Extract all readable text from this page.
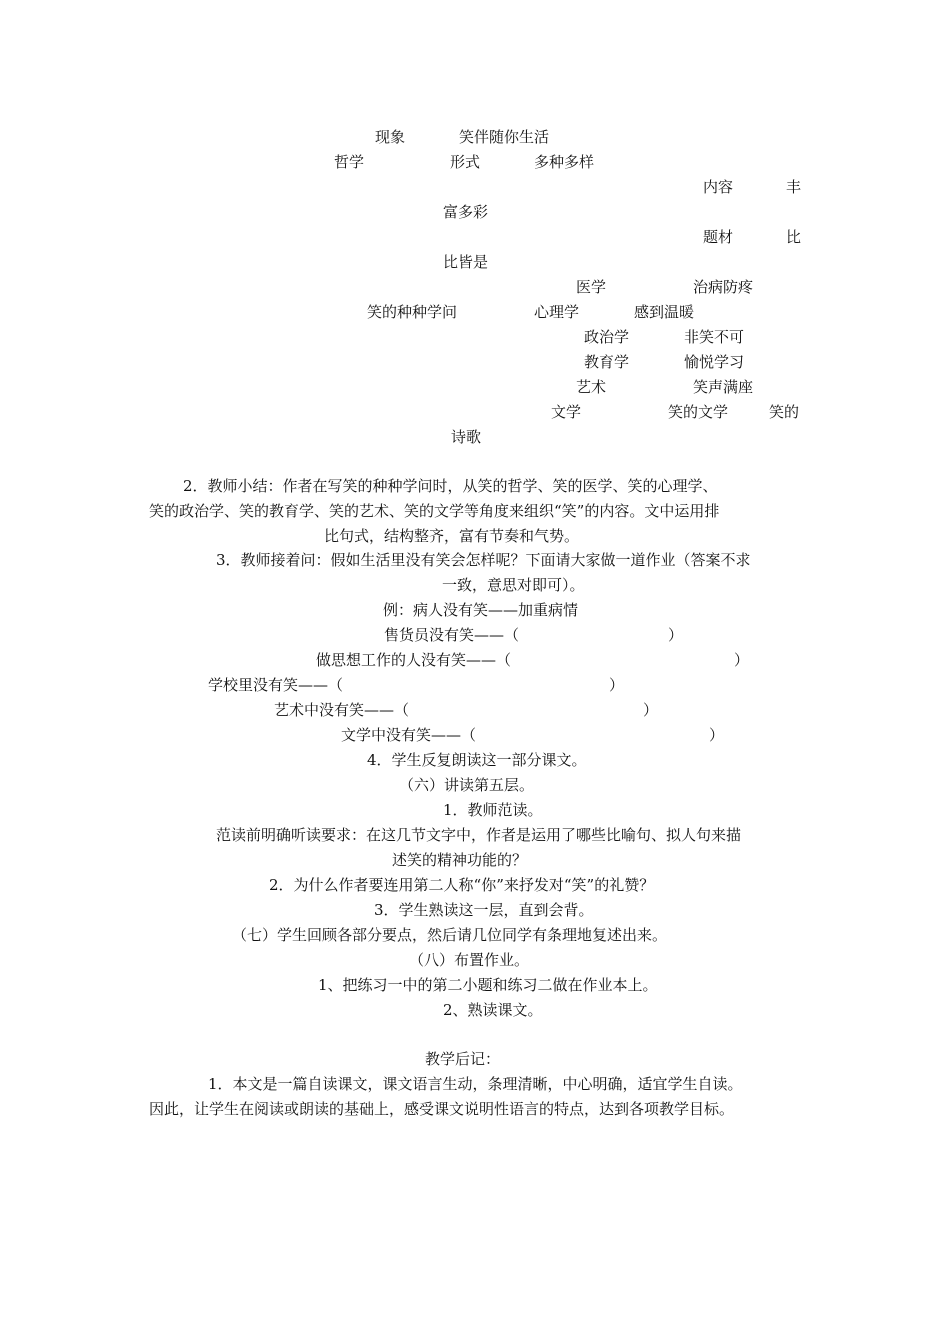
现象	笑伴随你生活
哲学	形式	多种多样
内容	丰
富多彩
题材	比
比皆是
医学	治病防疼
笑的种种学问	心理学	感到温暖
政治学	非笑不可
教育学	愉悦学习
艺术	笑声满座
文学	笑的文学	笑的
诗歌
2．教师小结：作者在写笑的种种学问时，从笑的哲学、笑的医学、笑的心理学、
笑的政治学、笑的教育学、笑的艺术、笑的文学等角度来组织“笑”的内容。文中运用排
比句式，结构整齐，富有节奏和气势。
3．教师接着问：假如生活里没有笑会怎样呢？下面请大家做一道作业（答案不求
一致，意思对即可）。
例：病人没有笑——加重病情
售货员没有笑——（	）
做思想工作的人没有笑——（	）
学校里没有笑——（	）
艺术中没有笑——（	）
文学中没有笑——（	）
4．学生反复朗读这一部分课文。
（六）讲读第五层。
1．教师范读。
范读前明确听读要求：在这几节文字中，作者是运用了哪些比喻句、拟人句来描
述笑的精神功能的？
2．为什么作者要连用第二人称“你”来抒发对“笑”的礼赞？
3．学生熟读这一层，直到会背。
（七）学生回顾各部分要点，然后请几位同学有条理地复述出来。
（八）布置作业。
1、把练习一中的第二小题和练习二做在作业本上。
2、熟读课文。
教学后记：
1．本文是一篇自读课文，课文语言生动，条理清晰，中心明确，适宜学生自读。
因此，让学生在阅读或朗读的基础上，感受课文说明性语言的特点，达到各项教学目标。
